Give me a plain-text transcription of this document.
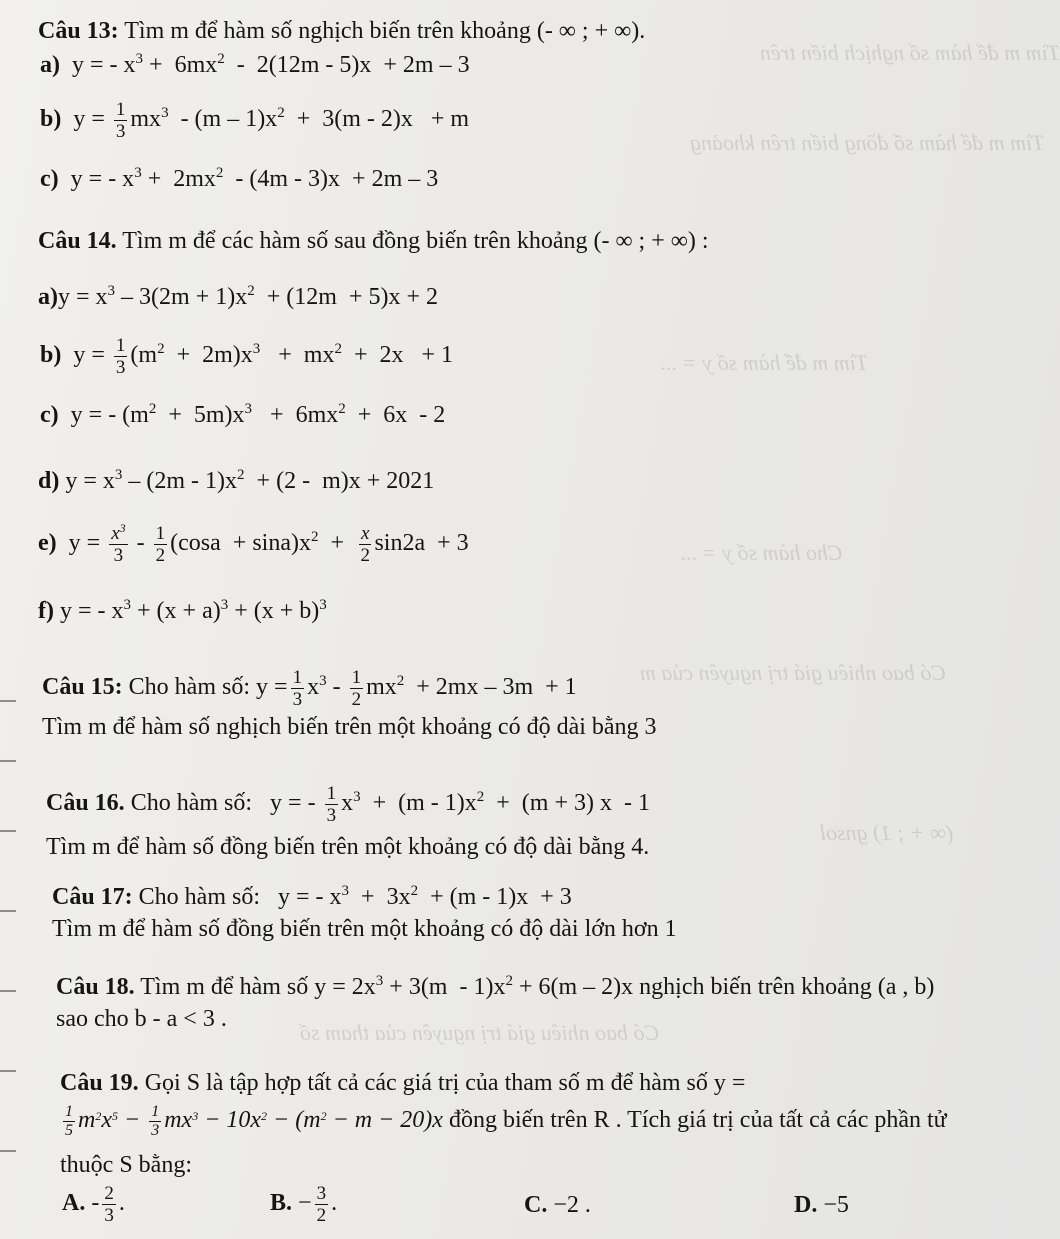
Tìm m để hàm số nghịch biến trên
Tìm m để hàm số đồng biến trên khoảng
Tìm m để hàm số y = ...
Cho hàm số y = ...
Có bao nhiêu giá trị nguyên của m
(∞ + ; 1) gnsol
Có bao nhiêu giá trị nguyên của tham số
Câu 13: Tìm m để hàm số nghịch biến trên khoảng (- ∞ ; + ∞).
a)  y = - $x^3 + 6mx^2 - 2(12m - 5)x + 2m - 3$
b)  $y = \frac{1}{3} mx^3 - (m - 1)x^2 + 3(m - 2)x + m$
c)  y = - $x^3 + 2mx^2 - (4m - 3)x + 2m - 3$
Câu 14. Tìm m để các hàm số sau đồng biến trên khoảng (- ∞ ; + ∞) :
$a)y = x^3 - 3(2m + 1)x^2 + (12m + 5)x + 2$
b)  $y = \frac{1}{3} (m^2 + 2m)x^3 + mx^2 + 2x + 1$
c)  y = - $(m^2 + 5m)x^3 + 6mx^2 + 6x - 2$
d) $y = x^3 - (2m - 1)x^2 + (2 - m)x + 2021$
e)  $y = \frac{x^3}{3} - \frac{1}{2} (\cos a + \sin a)x^2 + \frac{x}{2} \sin 2a + 3$
f) y = - $x^3 + (x + a)^3 + (x + b)^3$
Câu 15: Cho hàm số: $y = \frac{1}{3} x^3 - \frac{1}{2} mx^2 + 2mx - 3m + 1$
Tìm m để hàm số nghịch biến trên một khoảng có độ dài bằng 3
Câu 16. Cho hàm số:   y = - $\frac{1}{3} x^3 + (m - 1)x^2 + (m + 3)$ x  - 1
Tìm m để hàm số đồng biến trên một khoảng có độ dài bằng 4.
Câu 17: Cho hàm số:   y = - $x^3 + 3x^2 + (m - 1)x + 3$
Tìm m để hàm số đồng biến trên một khoảng có độ dài lớn hơn 1
Câu 18. Tìm m để hàm số $y = 2x^3 + 3(m - 1)x^2 + 6(m - 2)x$ nghịch biến trên khoảng (a , b)
sao cho b - a < 3 .
Câu 19. Gọi S là tập hợp tất cả các giá trị của tham số m để hàm số y =
$\frac{1}{5} m^2x^5 - \frac{1}{3} mx^3 - 10x^2 - (m^2 - m - 20)x$ đồng biến trên R . Tích giá trị của tất cả các phần tử
thuộc S bằng:
A. - $\frac{2}{3}$ .	B. − $\frac{3}{2}$ .	C. −2 .	D. −5
